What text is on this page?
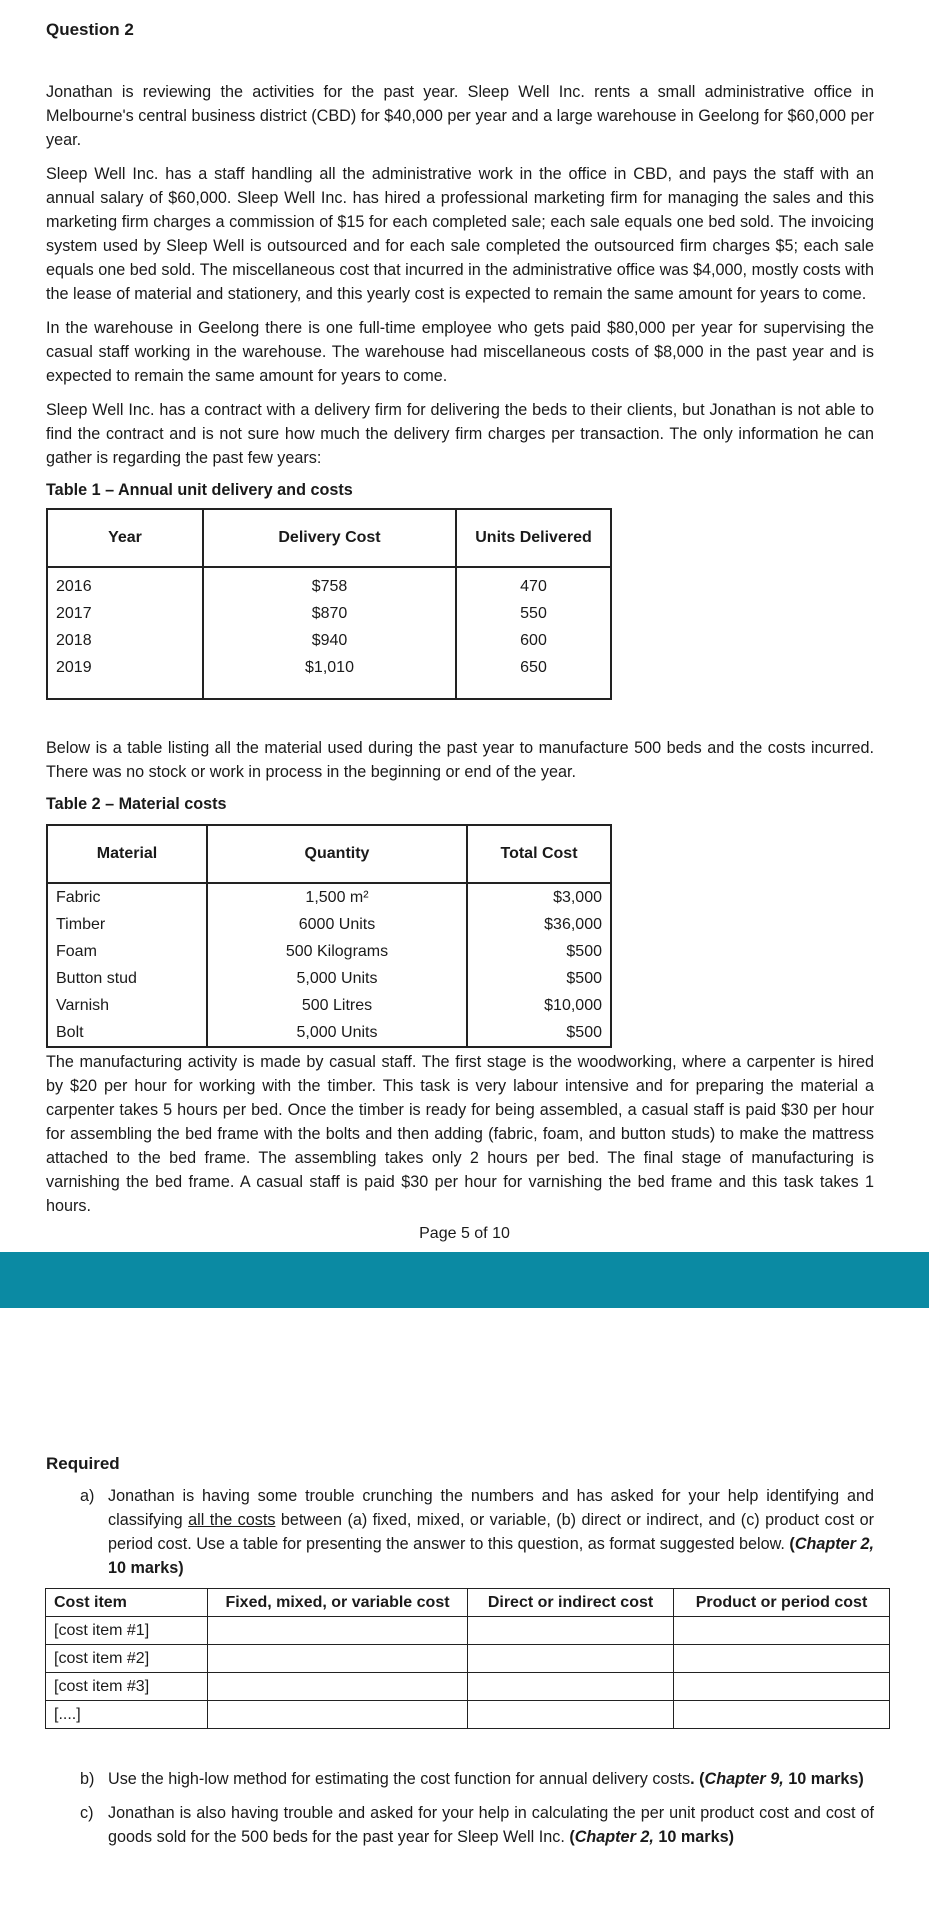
Question 2

Jonathan is reviewing the activities for the past year. Sleep Well Inc. rents a small administrative office in Melbourne's central business district (CBD) for $40,000 per year and a large warehouse in Geelong for $60,000 per year.

Sleep Well Inc. has a staff handling all the administrative work in the office in CBD, and pays the staff with an annual salary of $60,000. Sleep Well Inc. has hired a professional marketing firm for managing the sales and this marketing firm charges a commission of $15 for each completed sale; each sale equals one bed sold. The invoicing system used by Sleep Well is outsourced and for each sale completed the outsourced firm charges $5; each sale equals one bed sold. The miscellaneous cost that incurred in the administrative office was $4,000, mostly costs with the lease of material and stationery, and this yearly cost is expected to remain the same amount for years to come.

In the warehouse in Geelong there is one full-time employee who gets paid $80,000 per year for supervising the casual staff working in the warehouse. The warehouse had miscellaneous costs of $8,000 in the past year and is expected to remain the same amount for years to come.

Sleep Well Inc. has a contract with a delivery firm for delivering the beds to their clients, but Jonathan is not able to find the contract and is not sure how much the delivery firm charges per transaction. The only information he can gather is regarding the past few years:

Table 1 – Annual unit delivery and costs
Year	Delivery Cost	Units Delivered

2016	$758	470
2017	$870	550
2018	$940	600
2019	$1,010	650

Below is a table listing all the material used during the past year to manufacture 500 beds and the costs incurred. There was no stock or work in process in the beginning or end of the year.

Table 2 – Material costs
Material	Quantity	Total Cost
Fabric	1,500 m²	$3,000
Timber	6000 Units	$36,000
Foam	500 Kilograms	$500
Button stud	5,000 Units	$500
Varnish	500 Litres	$10,000
Bolt	5,000 Units	$500

The manufacturing activity is made by casual staff. The first stage is the woodworking, where a carpenter is hired by $20 per hour for working with the timber. This task is very labour intensive and for preparing the material a carpenter takes 5 hours per bed. Once the timber is ready for being assembled, a casual staff is paid $30 per hour for assembling the bed frame with the bolts and then adding (fabric, foam, and button studs) to make the mattress attached to the bed frame. The assembling takes only 2 hours per bed. The final stage of manufacturing is varnishing the bed frame. A casual staff is paid $30 per hour for varnishing the bed frame and this task takes 1 hours.

Page 5 of 10
Required
a) Jonathan is having some trouble crunching the numbers and has asked for your help identifying and classifying all the costs between (a) fixed, mixed, or variable, (b) direct or indirect, and (c) product cost or period cost. Use a table for presenting the answer to this question, as format suggested below. (Chapter 2, 10 marks)
Cost item	Fixed, mixed, or variable cost	Direct or indirect cost	Product or period cost
[cost item #1]			
[cost item #2]			
[cost item #3]			
[....]			
b) Use the high-low method for estimating the cost function for annual delivery costs. (Chapter 9, 10 marks)
c) Jonathan is also having trouble and asked for your help in calculating the per unit product cost and cost of goods sold for the 500 beds for the past year for Sleep Well Inc. (Chapter 2, 10 marks)
